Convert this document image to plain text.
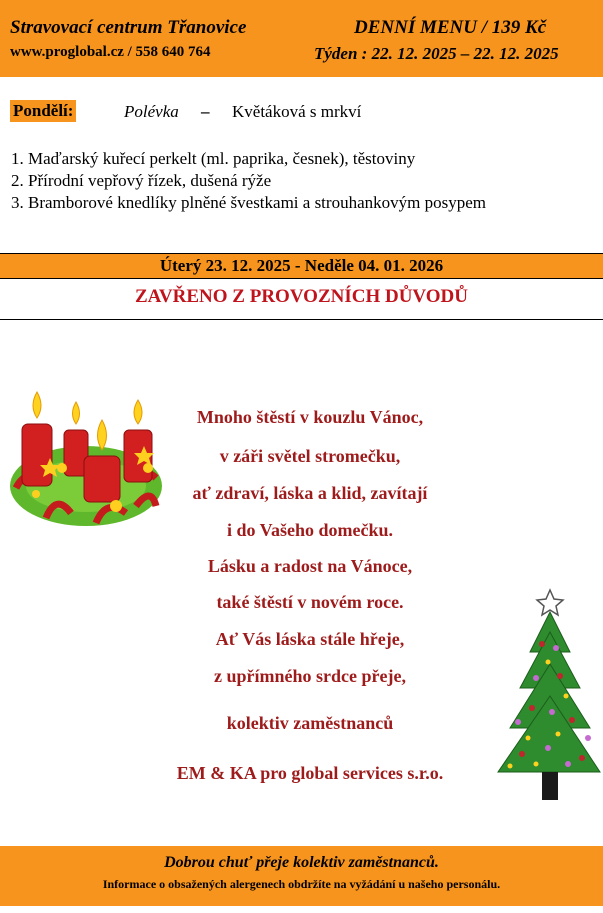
Stravovací centrum Třanovice
www.proglobal.cz / 558 640 764
DENNÍ MENU / 139 Kč
Týden : 22. 12. 2025 – 22. 12. 2025
Pondělí:	Polévka – Květáková s mrkví
1. Maďarský kuřecí perkelt (ml. paprika, česnek), těstoviny
2. Přírodní vepřový řízek, dušená rýže
3. Bramborové knedlíky plněné švestkami a strouhankovým posypem
Úterý 23. 12. 2025 - Neděle 04. 01. 2026
ZAVŘENO Z PROVOZNÍCH DŮVODŮ
Mnoho štěstí v kouzlu Vánoc,
v záři světel stromečku,
ať zdraví, láska a klid, zavítají
i do Vašeho domečku.
Lásku a radost na Vánoce,
také štěstí v novém roce.
Ať Vás láska stále hřeje,
z upřímného srdce přeje,
kolektiv zaměstnanců
EM & KA pro global services s.r.o.
Dobrou chuť přeje kolektiv zaměstnanců.
Informace o obsažených alergenech obdržíte na vyžádání u našeho personálu.
